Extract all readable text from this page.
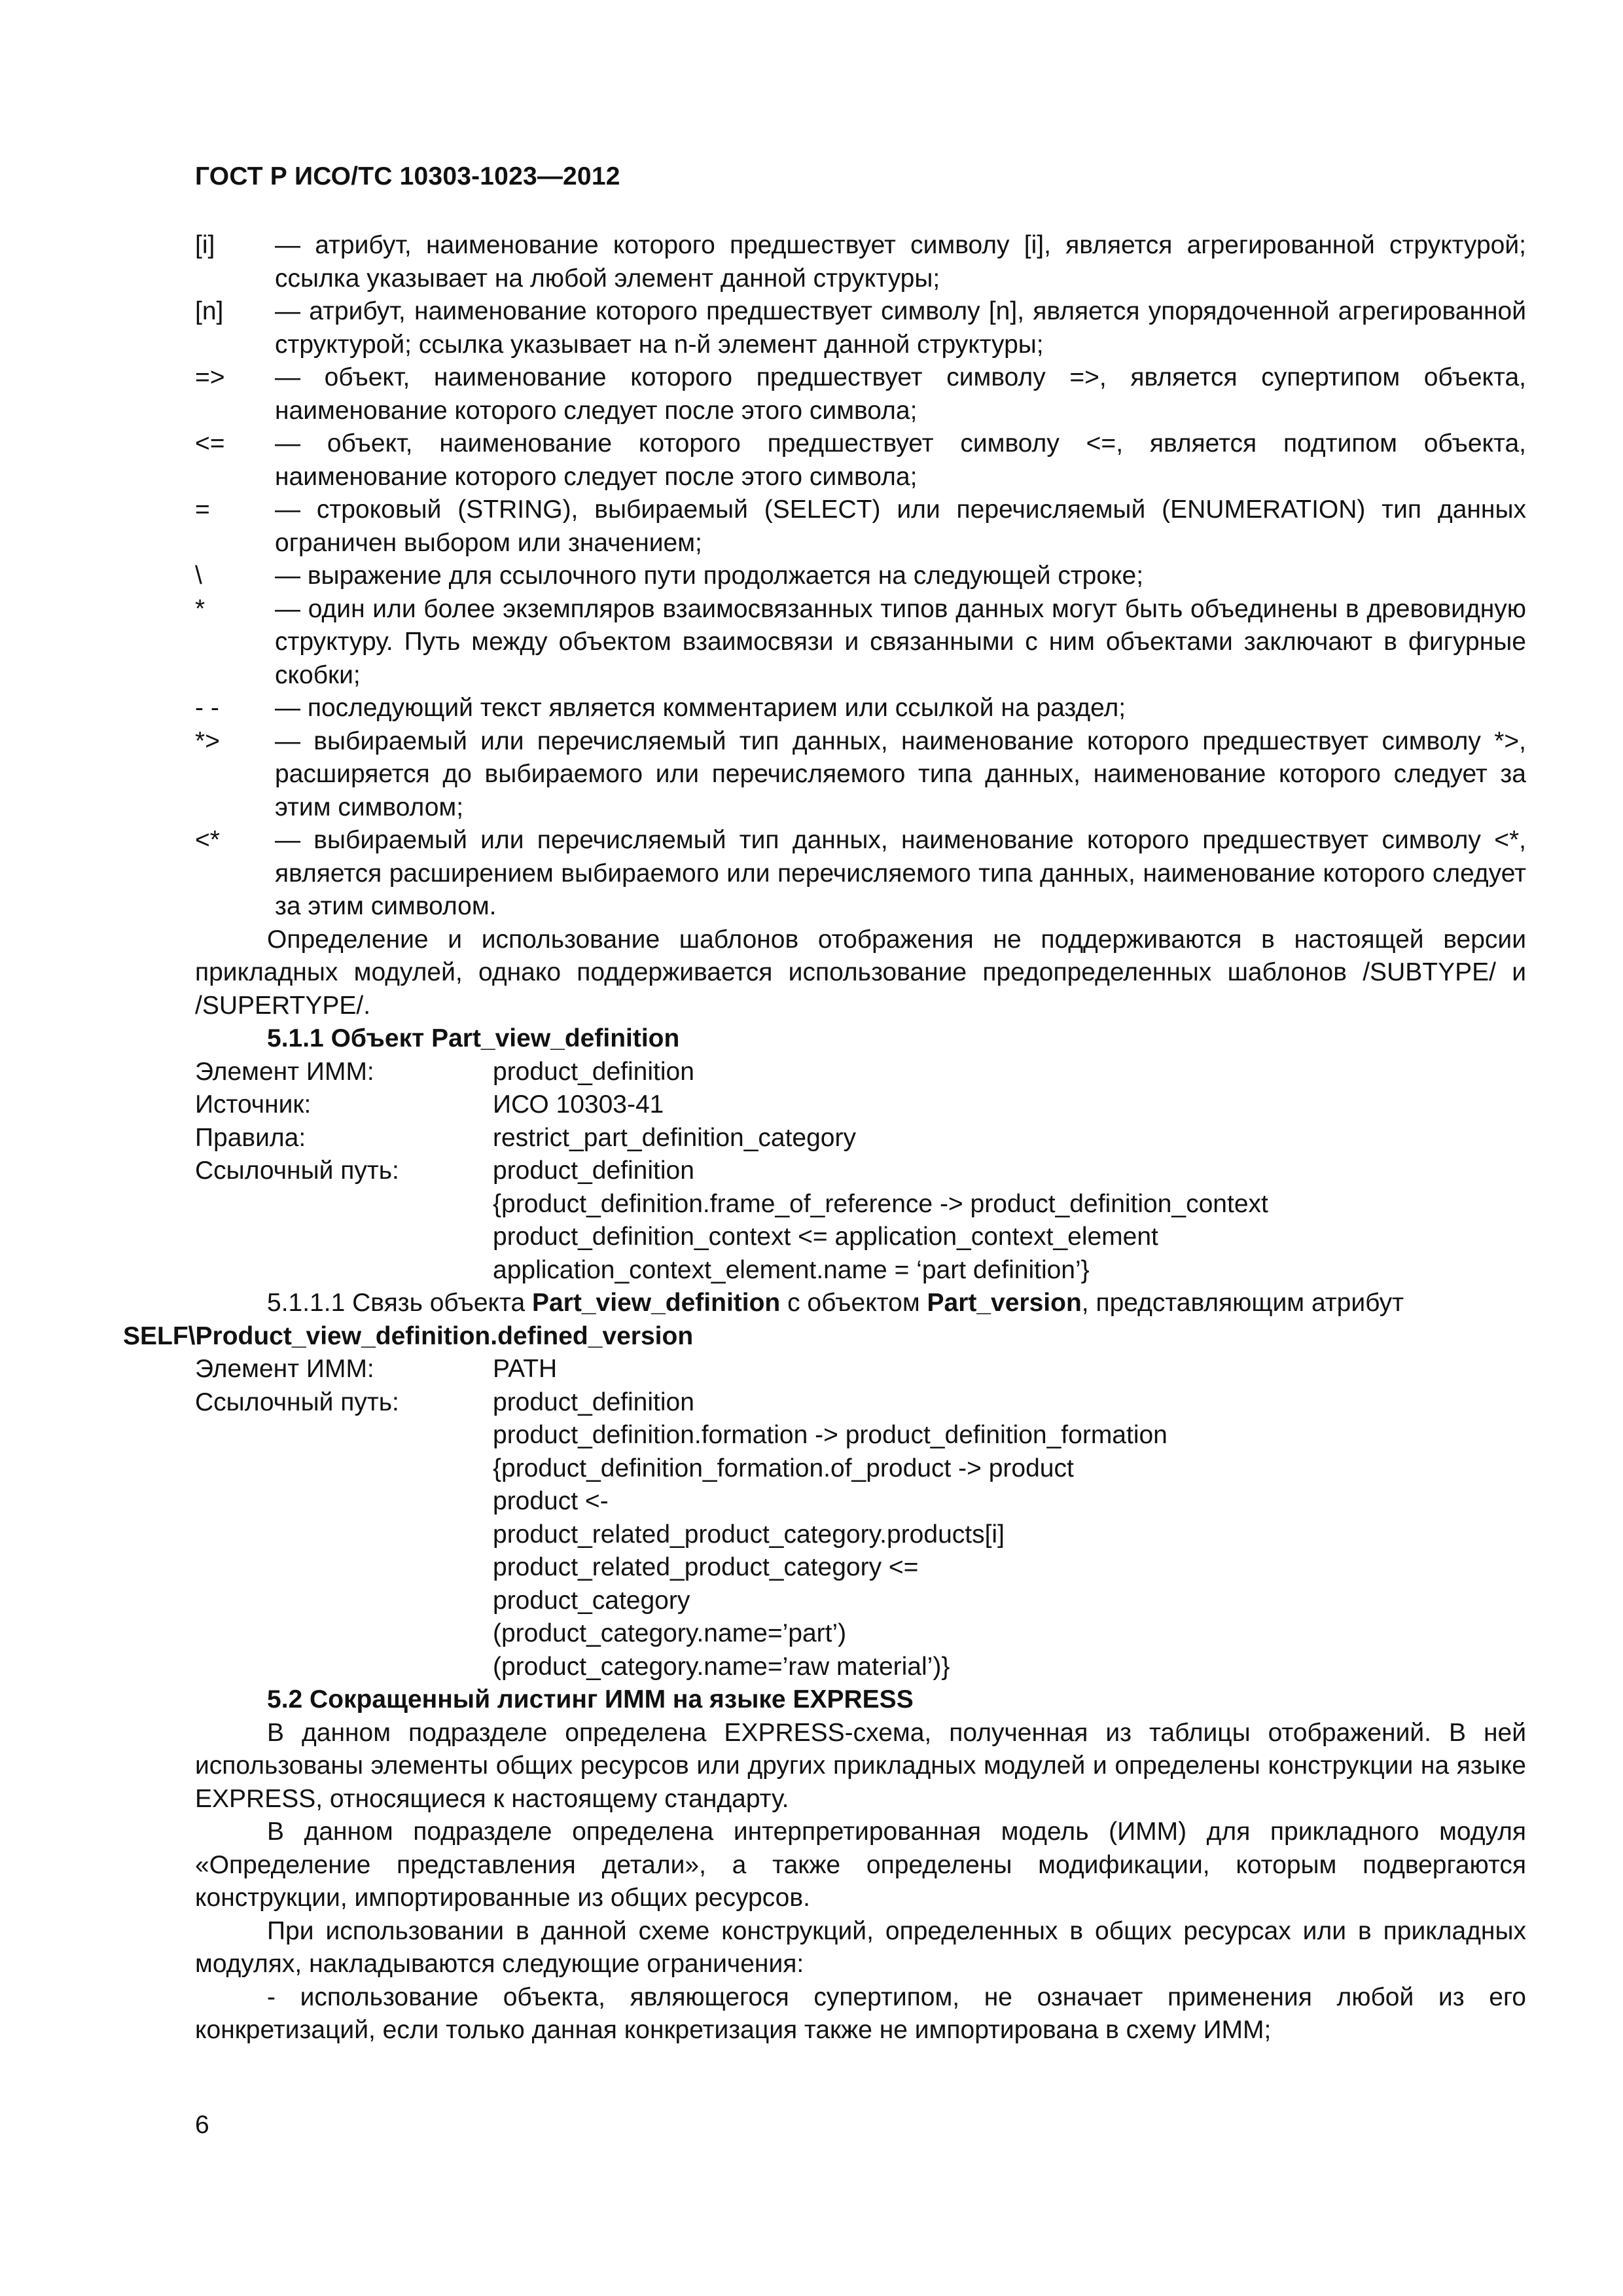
ГОСТ Р ИСО/ТС 10303-1023—2012

[i] — атрибут, наименование которого предшествует символу [i], является агрегированной структурой; ссылка указывает на любой элемент данной структуры;

[n] — атрибут, наименование которого предшествует символу [n], является упорядоченной агрегированной структурой; ссылка указывает на n-й элемент данной структуры;

=> — объект, наименование которого предшествует символу =>, является супертипом объекта, наименование которого следует после этого символа;

<= — объект, наименование которого предшествует символу <=, является подтипом объекта, наименование которого следует после этого символа;

=	— строковый (STRING), выбираемый (SELECT) или перечисляемый (ENUMERATION) тип данных ограничен выбором или значением;

\	— выражение для ссылочного пути продолжается на следующей строке;

*	— один или более экземпляров взаимосвязанных типов данных могут быть объединены в древовидную структуру. Путь между объектом взаимосвязи и связанными с ним объектами заключают в фигурные скобки;

- - — последующий текст является комментарием или ссылкой на раздел;

*> — выбираемый или перечисляемый тип данных, наименование которого предшествует символу *>, расширяется до выбираемого или перечисляемого типа данных, наименование которого следует за этим символом;

<* — выбираемый или перечисляемый тип данных, наименование которого предшествует символу <*, является расширением выбираемого или перечисляемого типа данных, наименование которого следует за этим символом.

Определение и использование шаблонов отображения не поддерживаются в настоящей версии прикладных модулей, однако поддерживается использование предопределенных шаблонов /SUBTYPE/ и /SUPERTYPE/.

5.1.1 Объект Part_view_definition

Элемент ИММ:	product_definition
Источник:	ИСО 10303-41
Правила:	restrict_part_definition_category
Ссылочный путь:	product_definition

{product_definition.frame_of_reference -> product_definition_context

product_definition_context <= application_context_element

application_context_element.name = ‘part definition’}

5.1.1.1 Связь объекта Part_view_definition с объектом Part_version, представляющим атрибут
SELF\Product_view_definition.defined_version

Элемент ИММ:	PATH
Ссылочный путь:	product_definition

product_definition.formation -> product_definition_formation

{product_definition_formation.of_product -> product

product <-

product_related_product_category.products[i]

product_related_product_category <=

product_category

(product_category.name=’part’)

(product_category.name=’raw material’)}

5.2 Сокращенный листинг ИММ на языке EXPRESS

В данном подразделе определена EXPRESS-схема, полученная из таблицы отображений. В ней использованы элементы общих ресурсов или других прикладных модулей и определены конструкции на языке EXPRESS, относящиеся к настоящему стандарту.

В данном подразделе определена интерпретированная модель (ИММ) для прикладного модуля «Определение представления детали», а также определены модификации, которым подвергаются конструкции, импортированные из общих ресурсов.

При использовании в данной схеме конструкций, определенных в общих ресурсах или в прикладных модулях, накладываются следующие ограничения:

- использование объекта, являющегося супертипом, не означает применения любой из его конкретизаций, если только данная конкретизация также не импортирована в схему ИММ;

6
